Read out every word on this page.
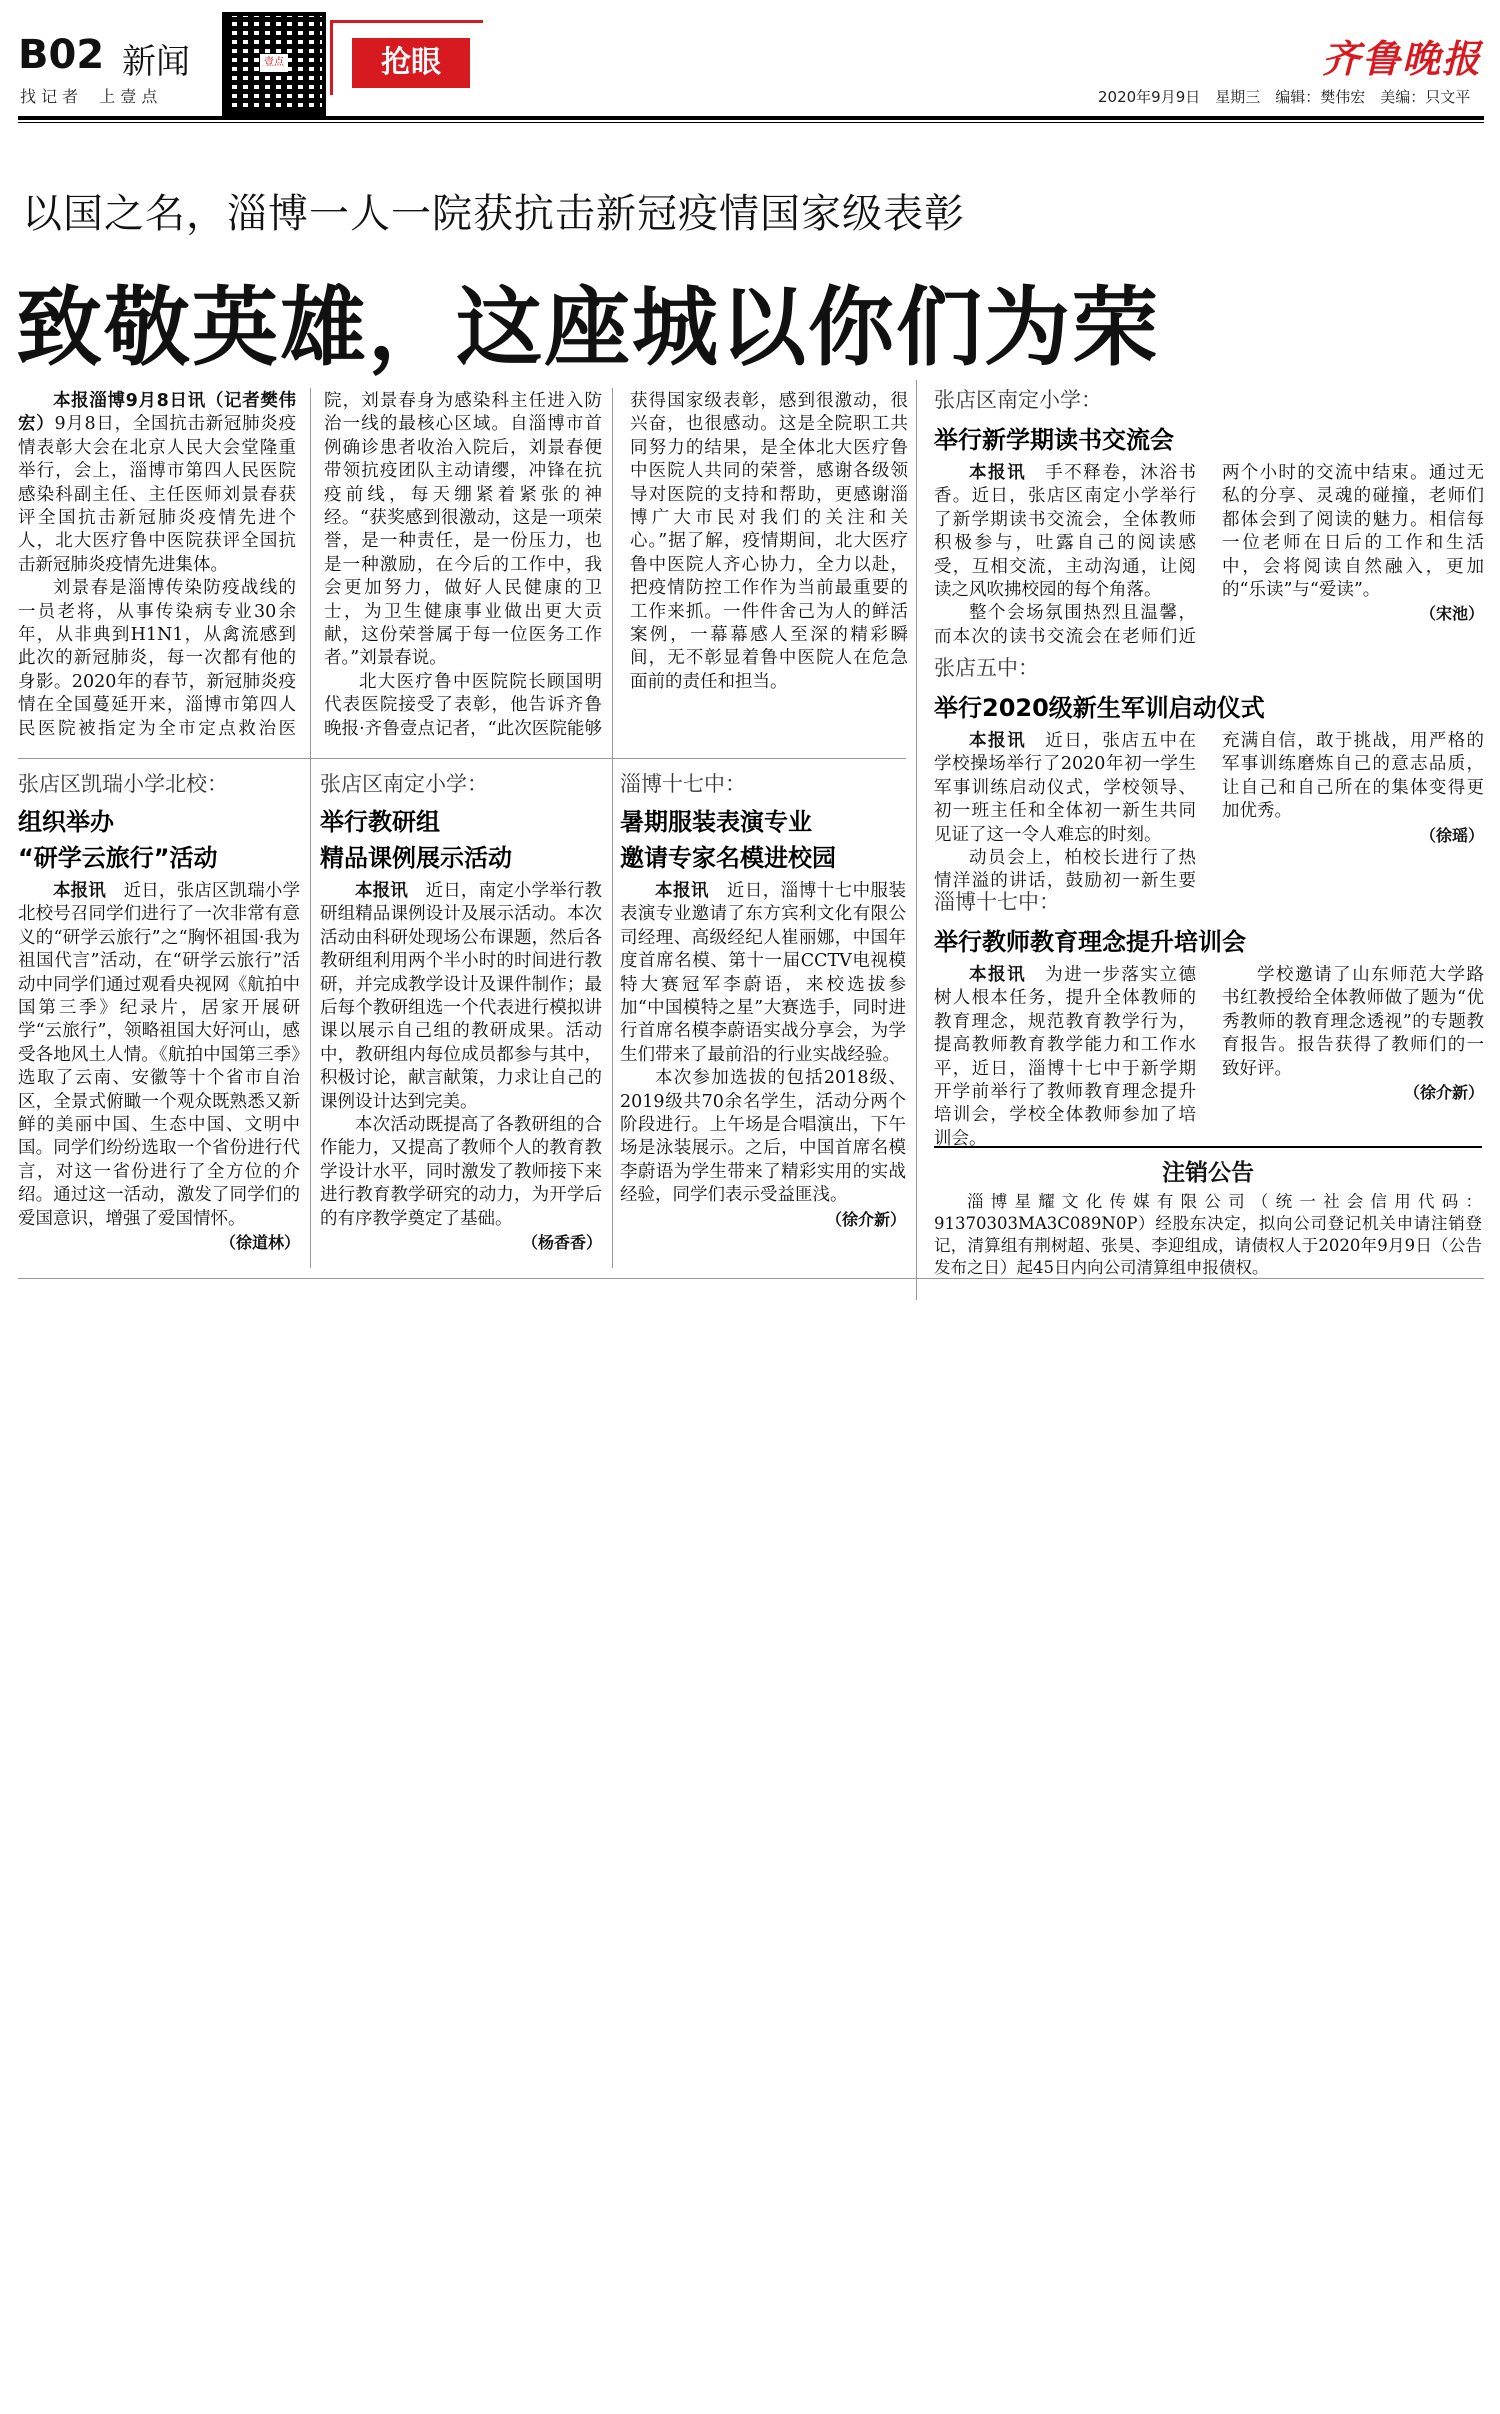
B02 新闻
找 记 者　 上 壹 点
壹点	抢眼	齐鲁晚报
2020年9月9日　星期三　编辑：樊伟宏　美编：只文平
以国之名，淄博一人一院获抗击新冠疫情国家级表彰
致敬英雄，这座城以你们为荣

本报淄博9月8日讯（记者樊伟宏）9月8日，全国抗击新冠肺炎疫情表彰大会在北京人民大会堂隆重举行，会上，淄博市第四人民医院感染科副主任、主任医师刘景春获评全国抗击新冠肺炎疫情先进个人，北大医疗鲁中医院获评全国抗击新冠肺炎疫情先进集体。

刘景春是淄博传染防疫战线的一员老将，从事传染病专业30余年，从非典到H1N1，从禽流感到此次的新冠肺炎，每一次都有他的身影。2020年的春节，新冠肺炎疫情在全国蔓延开来，淄博市第四人民医院被指定为全市定点救治医院，刘景春身为感染科主任进入防治一线的最核心区域。自淄博市首例确诊患者收治入院后，刘景春便带领抗疫团队主动请缨，冲锋在抗疫前线，每天绷紧着紧张的神经。“获奖感到很激动，这是一项荣誉，是一种责任，是一份压力，也是一种激励，在今后的工作中，我会更加努力，做好人民健康的卫士，为卫生健康事业做出更大贡献，这份荣誉属于每一位医务工作者。”刘景春说。

北大医疗鲁中医院院长顾国明代表医院接受了表彰，他告诉齐鲁晚报·齐鲁壹点记者，“此次医院能够获得国家级表彰，感到很激动，很兴奋，也很感动。这是全院职工共同努力的结果，是全体北大医疗鲁中医院人共同的荣誉，感谢各级领导对医院的支持和帮助，更感谢淄博广大市民对我们的关注和关心。”据了解，疫情期间，北大医疗鲁中医院人齐心协力，全力以赴，把疫情防控工作作为当前最重要的工作来抓。一件件舍己为人的鲜活案例，一幕幕感人至深的精彩瞬间，无不彰显着鲁中医院人在危急面前的责任和担当。

张店区凯瑞小学北校：
组织举办
“研学云旅行”活动

本报讯　 近日，张店区凯瑞小学北校号召同学们进行了一次非常有意义的“研学云旅行”之“胸怀祖国·我为祖国代言”活动，在“研学云旅行”活动中同学们通过观看央视网《航拍中国第三季》纪录片，居家开展研学“云旅行”，领略祖国大好河山，感受各地风土人情。《航拍中国第三季》选取了云南、安徽等十个省市自治区，全景式俯瞰一个观众既熟悉又新鲜的美丽中国、生态中国、文明中国。同学们纷纷选取一个省份进行代言，对这一省份进行了全方位的介绍。通过这一活动，激发了同学们的爱国意识，增强了爱国情怀。

（徐道林）
张店区南定小学：
举行教研组
精品课例展示活动

本报讯　 近日，南定小学举行教研组精品课例设计及展示活动。本次活动由科研处现场公布课题，然后各教研组利用两个半小时的时间进行教研，并完成教学设计及课件制作；最后每个教研组选一个代表进行模拟讲课以展示自己组的教研成果。活动中，教研组内每位成员都参与其中，积极讨论，献言献策，力求让自己的课例设计达到完美。

本次活动既提高了各教研组的合作能力，又提高了教师个人的教育教学设计水平，同时激发了教师接下来进行教育教学研究的动力，为开学后的有序教学奠定了基础。

（杨香香）
淄博十七中：
暑期服装表演专业
邀请专家名模进校园

本报讯　 近日，淄博十七中服装表演专业邀请了东方宾利文化有限公司经理、高级经纪人崔丽娜，中国年度首席名模、第十一届CCTV电视模特大赛冠军李蔚语，来校选拔参加“中国模特之星”大赛选手，同时进行首席名模李蔚语实战分享会，为学生们带来了最前沿的行业实战经验。

本次参加选拔的包括2018级、2019级共70余名学生，活动分两个阶段进行。上午场是合唱演出，下午场是泳装展示。之后，中国首席名模李蔚语为学生带来了精彩实用的实战经验，同学们表示受益匪浅。

（徐介新）
张店区南定小学：
举行新学期读书交流会

本报讯　 手不释卷，沐浴书香。近日，张店区南定小学举行了新学期读书交流会，全体教师积极参与，吐露自己的阅读感受，互相交流，主动沟通，让阅读之风吹拂校园的每个角落。

整个会场氛围热烈且温馨，而本次的读书交流会在老师们近两个小时的交流中结束。通过无私的分享、灵魂的碰撞，老师们都体会到了阅读的魅力。相信每一位老师在日后的工作和生活中，会将阅读自然融入，更加的“乐读”与“爱读”。

（宋池）
张店五中：
举行2020级新生军训启动仪式

本报讯　 近日，张店五中在学校操场举行了2020年初一学生军事训练启动仪式，学校领导、初一班主任和全体初一新生共同见证了这一令人难忘的时刻。

动员会上，柏校长进行了热情洋溢的讲话，鼓励初一新生要充满自信，敢于挑战，用严格的军事训练磨炼自己的意志品质，让自己和自己所在的集体变得更加优秀。

（徐瑶）
淄博十七中：
举行教师教育理念提升培训会

本报讯　 为进一步落实立德树人根本任务，提升全体教师的教育理念，规范教育教学行为，提高教师教育教学能力和工作水平，近日，淄博十七中于新学期开学前举行了教师教育理念提升培训会，学校全体教师参加了培训会。

学校邀请了山东师范大学路书红教授给全体教师做了题为“优秀教师的教育理念透视”的专题教育报告。报告获得了教师们的一致好评。

（徐介新）
注销公告

淄博星耀文化传媒有限公司（统一社会信用代码：91370303MA3C089N0P）经股东决定，拟向公司登记机关申请注销登记，清算组有荆树超、张昊、李迎组成，请债权人于2020年9月9日（公告发布之日）起45日内向公司清算组申报债权。
